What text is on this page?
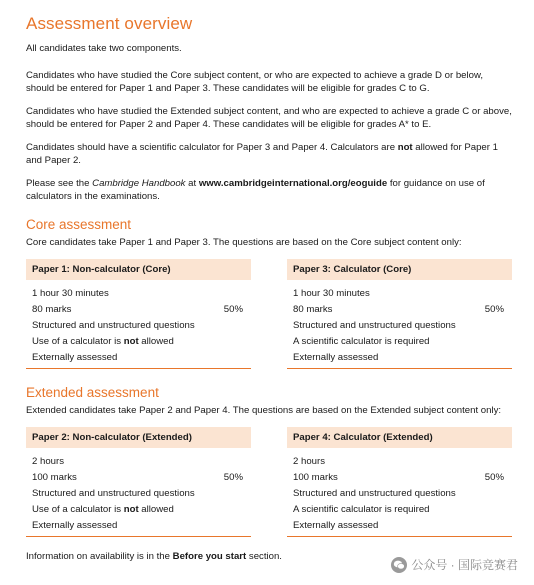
Assessment overview

All candidates take two components.

Candidates who have studied the Core subject content, or who are expected to achieve a grade D or below, should be entered for Paper 1 and Paper 3. These candidates will be eligible for grades C to G.

Candidates who have studied the Extended subject content, and who are expected to achieve a grade C or above, should be entered for Paper 2 and Paper 4. These candidates will be eligible for grades A* to E.

Candidates should have a scientific calculator for Paper 3 and Paper 4. Calculators are not allowed for Paper 1 and Paper 2.

Please see the Cambridge Handbook at www.cambridgeinternational.org/eoguide for guidance on use of calculators in the examinations.

Core assessment

Core candidates take Paper 1 and Paper 3. The questions are based on the Core subject content only:

Paper 1: Non-calculator (Core)
1 hour 30 minutes
80 marks	50%
Structured and unstructured questions
Use of a calculator is not allowed
Externally assessed
Paper 3: Calculator (Core)
1 hour 30 minutes
80 marks	50%
Structured and unstructured questions
A scientific calculator is required
Externally assessed
Extended assessment

Extended candidates take Paper 2 and Paper 4. The questions are based on the Extended subject content only:

Paper 2: Non-calculator (Extended)
2 hours
100 marks	50%
Structured and unstructured questions
Use of a calculator is not allowed
Externally assessed
Paper 4: Calculator (Extended)
2 hours
100 marks	50%
Structured and unstructured questions
A scientific calculator is required
Externally assessed
Information on availability is in the Before you start section.
公众号 · 国际竞赛君
